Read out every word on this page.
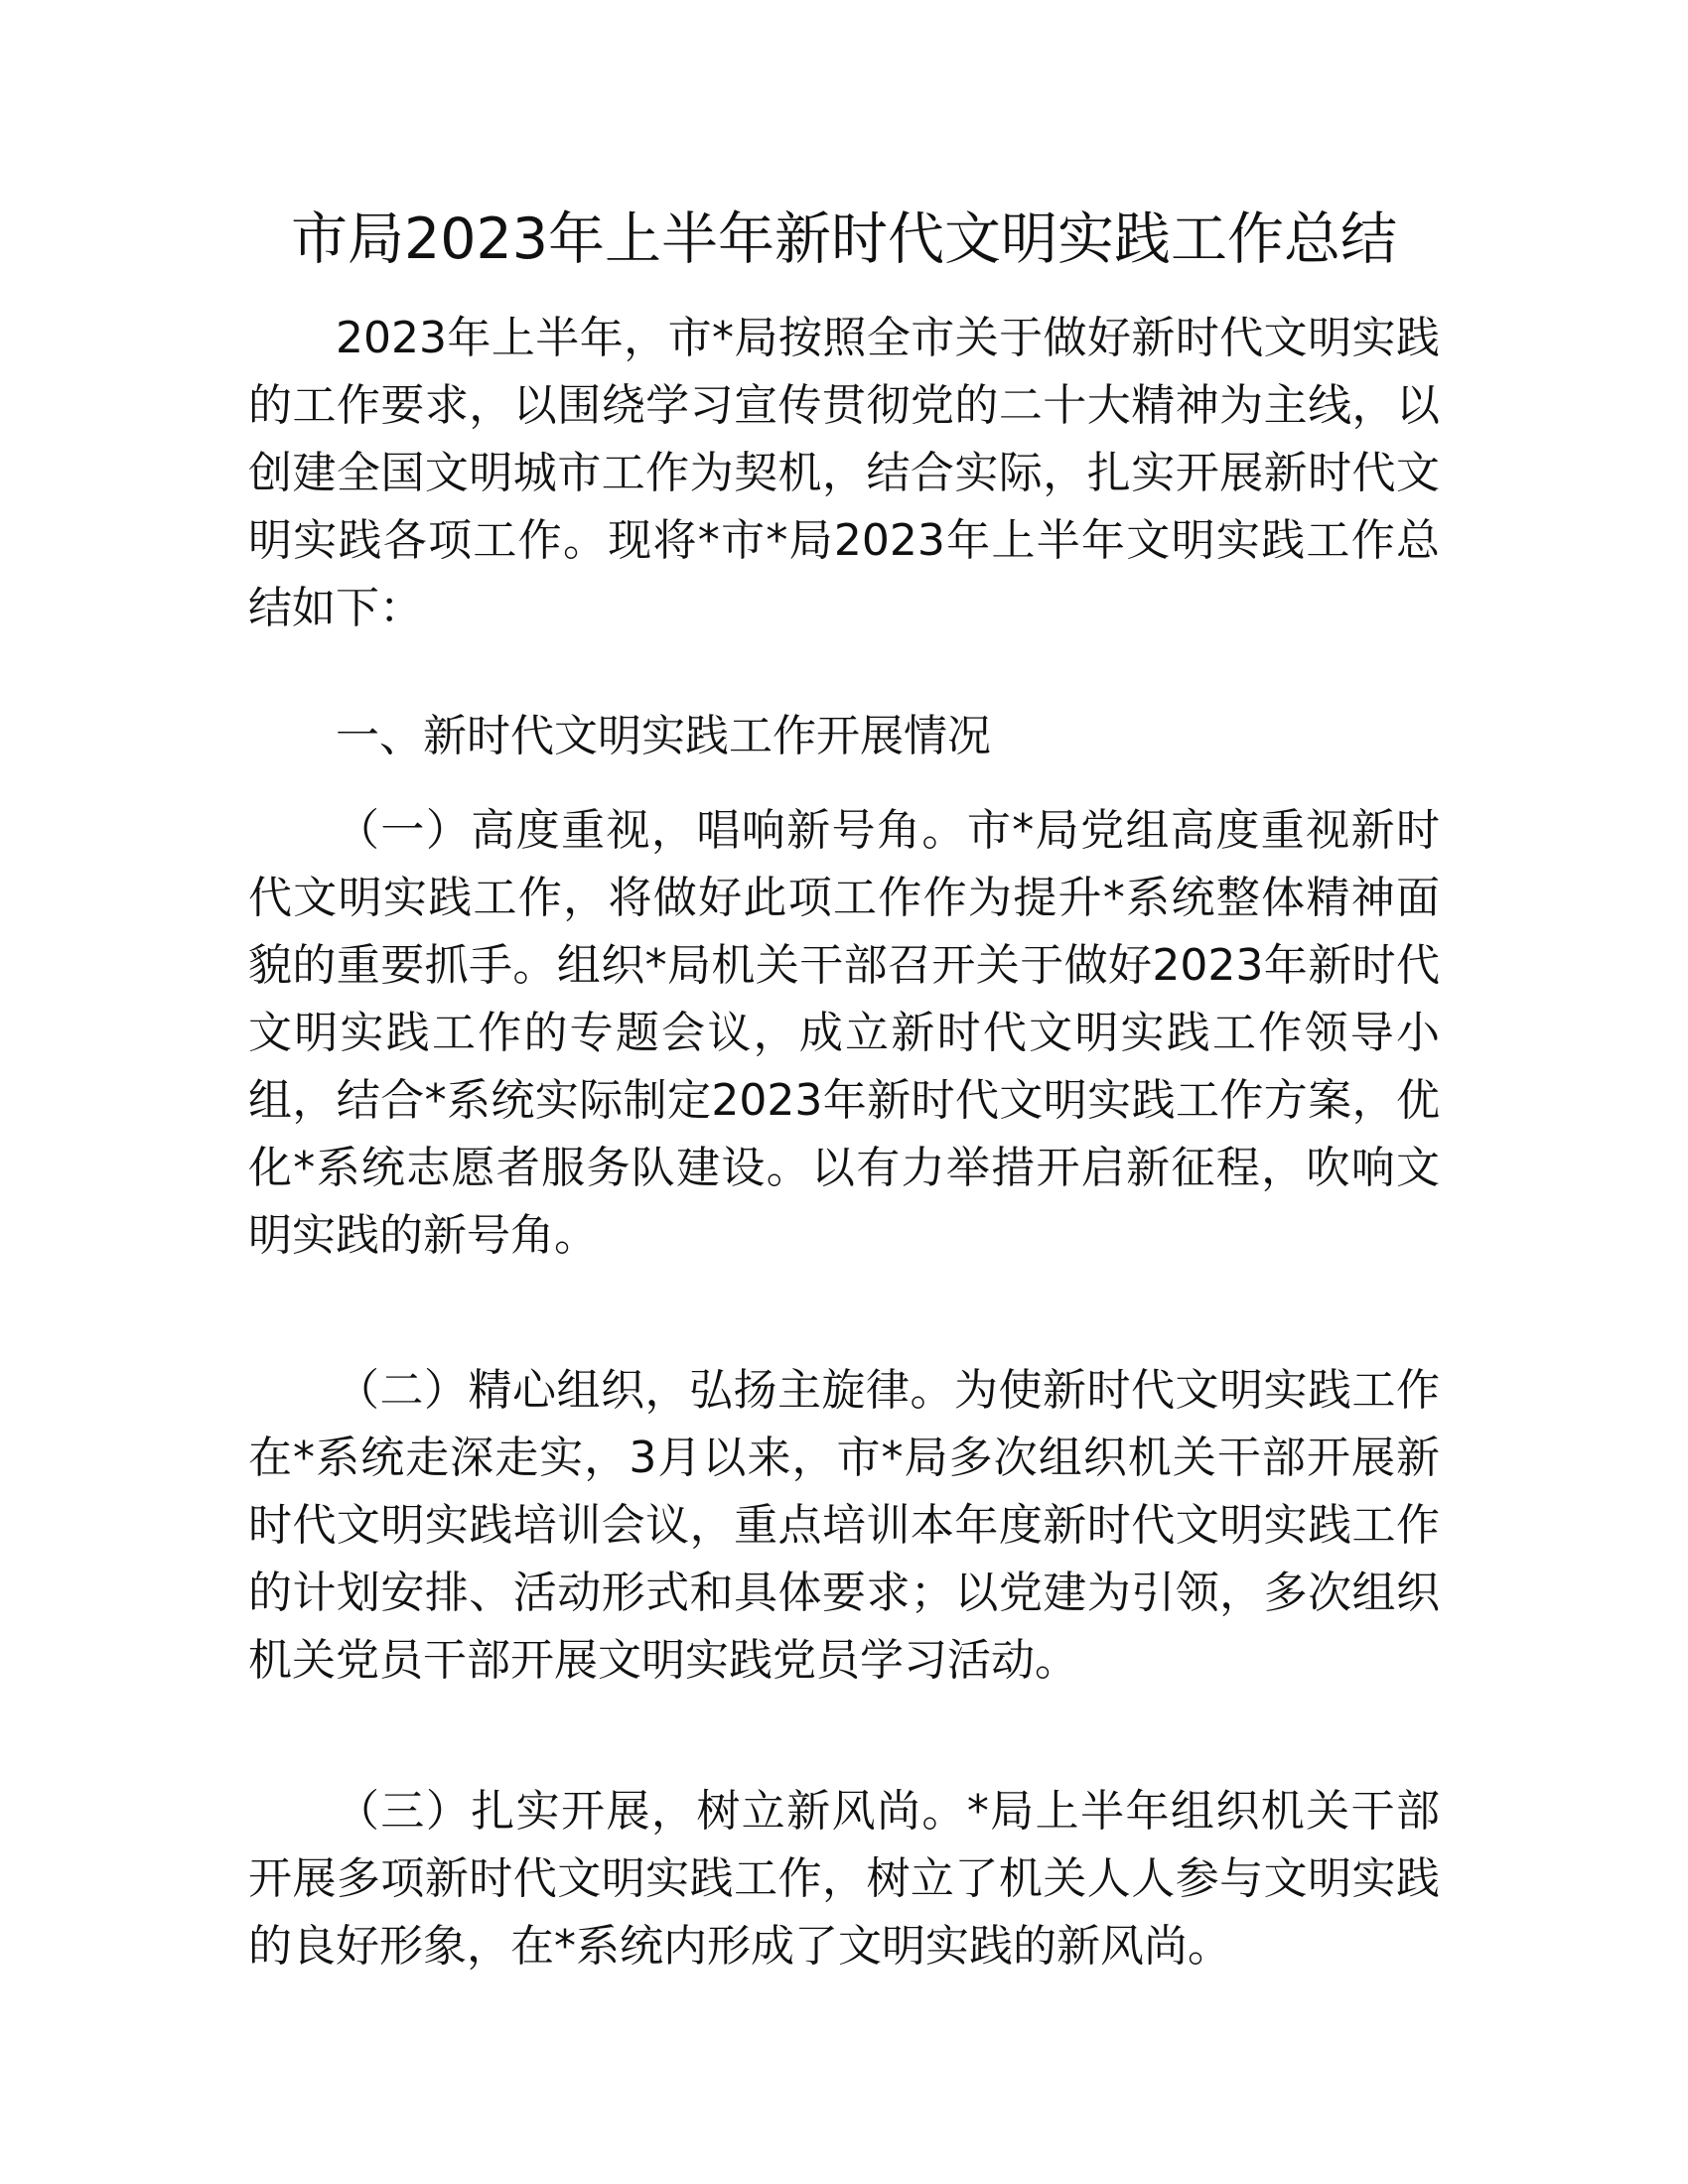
市局2023年上半年新时代文明实践工作总结

2023年上半年，市*局按照全市关于做好新时代文明实践的工作要求，以围绕学习宣传贯彻党的二十大精神为主线，以创建全国文明城市工作为契机，结合实际，扎实开展新时代文明实践各项工作。现将*市*局2023年上半年文明实践工作总结如下：

一、新时代文明实践工作开展情况

（一）高度重视，唱响新号角。市*局党组高度重视新时代文明实践工作，将做好此项工作作为提升*系统整体精神面貌的重要抓手。组织*局机关干部召开关于做好2023年新时代文明实践工作的专题会议，成立新时代文明实践工作领导小组，结合*系统实际制定2023年新时代文明实践工作方案，优化*系统志愿者服务队建设。以有力举措开启新征程，吹响文明实践的新号角。

（二）精心组织，弘扬主旋律。为使新时代文明实践工作在*系统走深走实，3月以来，市*局多次组织机关干部开展新时代文明实践培训会议，重点培训本年度新时代文明实践工作的计划安排、活动形式和具体要求；以党建为引领，多次组织机关党员干部开展文明实践党员学习活动。

（三）扎实开展，树立新风尚。*局上半年组织机关干部开展多项新时代文明实践工作，树立了机关人人参与文明实践的良好形象，在*系统内形成了文明实践的新风尚。
